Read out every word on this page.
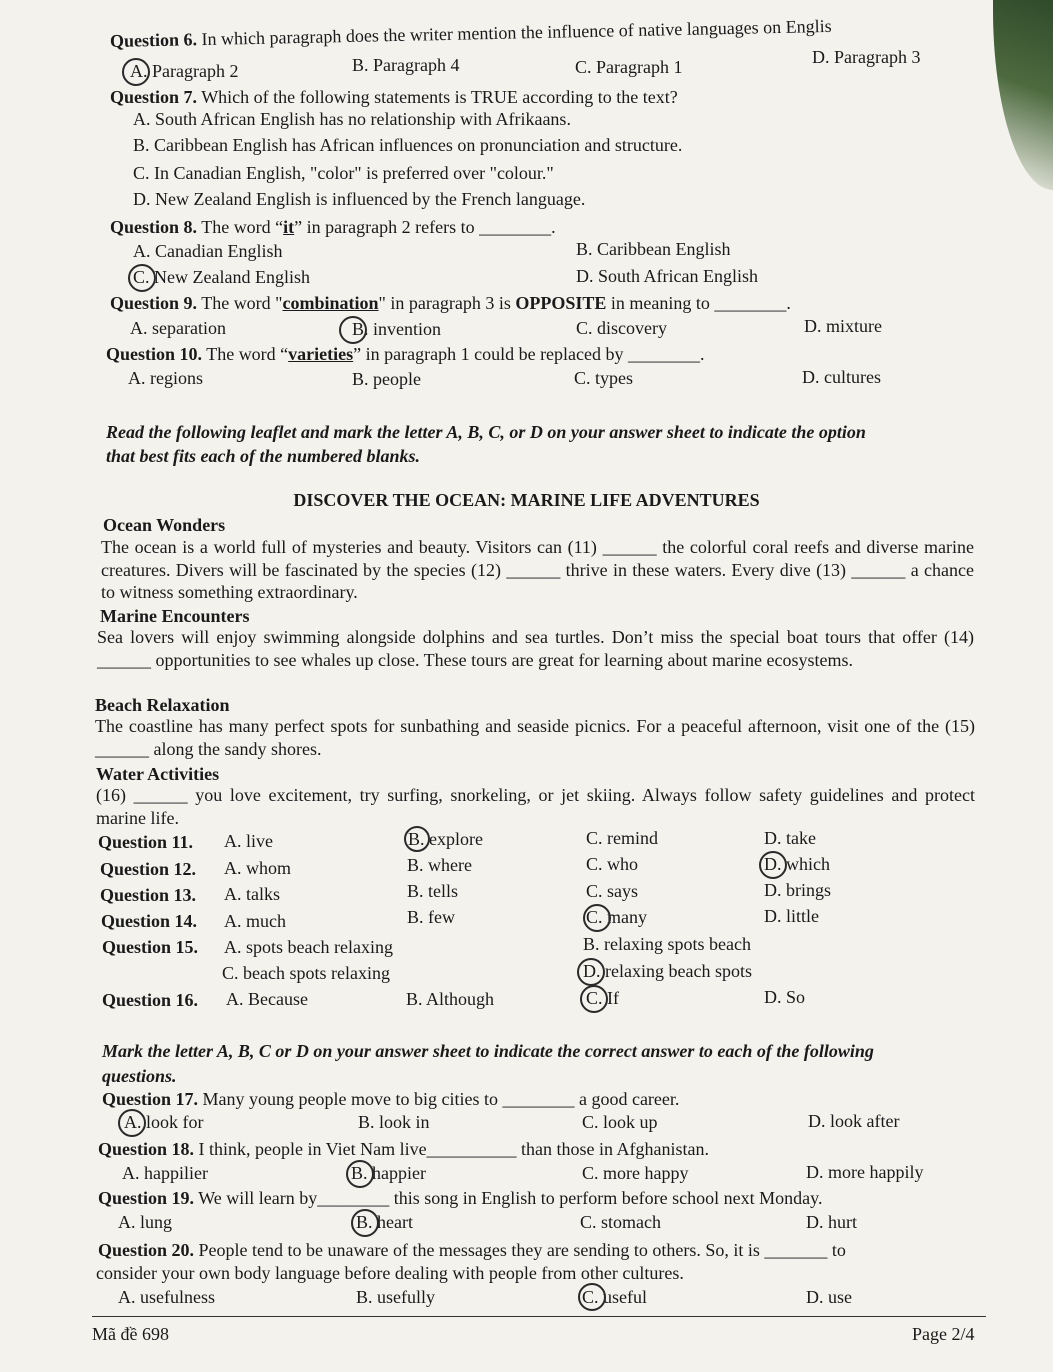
Question 6. In which paragraph does the writer mention the influence of native languages on Englis
A. Paragraph 2	B. Paragraph 4	C. Paragraph 1	D. Paragraph 3
Question 7. Which of the following statements is TRUE according to the text?
A. South African English has no relationship with Afrikaans.
B. Caribbean English has African influences on pronunciation and structure.
C. In Canadian English, "color" is preferred over "colour."
D. New Zealand English is influenced by the French language.
Question 8. The word “it” in paragraph 2 refers to ________.
A. Canadian English	B. Caribbean English
C. New Zealand English	D. South African English
Question 9. The word "combination" in paragraph 3 is OPPOSITE in meaning to ________.
A. separation	B. invention	C. discovery	D. mixture
Question 10. The word “varieties” in paragraph 1 could be replaced by ________.
A. regions	B. people	C. types	D. cultures
Read the following leaflet and mark the letter A, B, C, or D on your answer sheet to indicate the option
that best fits each of the numbered blanks.
DISCOVER THE OCEAN: MARINE LIFE ADVENTURES
Ocean Wonders
The ocean is a world full of mysteries and beauty. Visitors can (11) ______ the colorful coral reefs and diverse marine creatures. Divers will be fascinated by the species (12) ______ thrive in these waters. Every dive (13) ______ a chance to witness something extraordinary.
Marine Encounters
Sea lovers will enjoy swimming alongside dolphins and sea turtles. Don’t miss the special boat tours that offer (14) ______ opportunities to see whales up close. These tours are great for learning about marine ecosystems.
Beach Relaxation
The coastline has many perfect spots for sunbathing and seaside picnics. For a peaceful afternoon, visit one of the (15) ______ along the sandy shores.
Water Activities
(16) ______ you love excitement, try surfing, snorkeling, or jet skiing. Always follow safety guidelines and protect marine life.
Question 11. A. live	B. explore	C. remind	D. take
Question 12. A. whom	B. where	C. who	D. which
Question 13. A. talks	B. tells	C. says	D. brings
Question 14. A. much	B. few	C. many	D. little
Question 15. A. spots beach relaxing	B. relaxing spots beach
C. beach spots relaxing	D. relaxing beach spots
Question 16. A. Because	B. Although	C. If	D. So
Mark the letter A, B, C or D on your answer sheet to indicate the correct answer to each of the following
questions.
Question 17. Many young people move to big cities to ________ a good career.
A. look for	B. look in	C. look up	D. look after
Question 18. I think, people in Viet Nam live__________ than those in Afghanistan.
A. happilier	B. happier	C. more happy	D. more happily
Question 19. We will learn by________ this song in English to perform before school next Monday.
A. lung	B. heart	C. stomach	D. hurt
Question 20. People tend to be unaware of the messages they are sending to others. So, it is _______ to
consider your own body language before dealing with people from other cultures.
A. usefulness	B. usefully	C. useful	D. use
Mã đề 698	Page 2/4
